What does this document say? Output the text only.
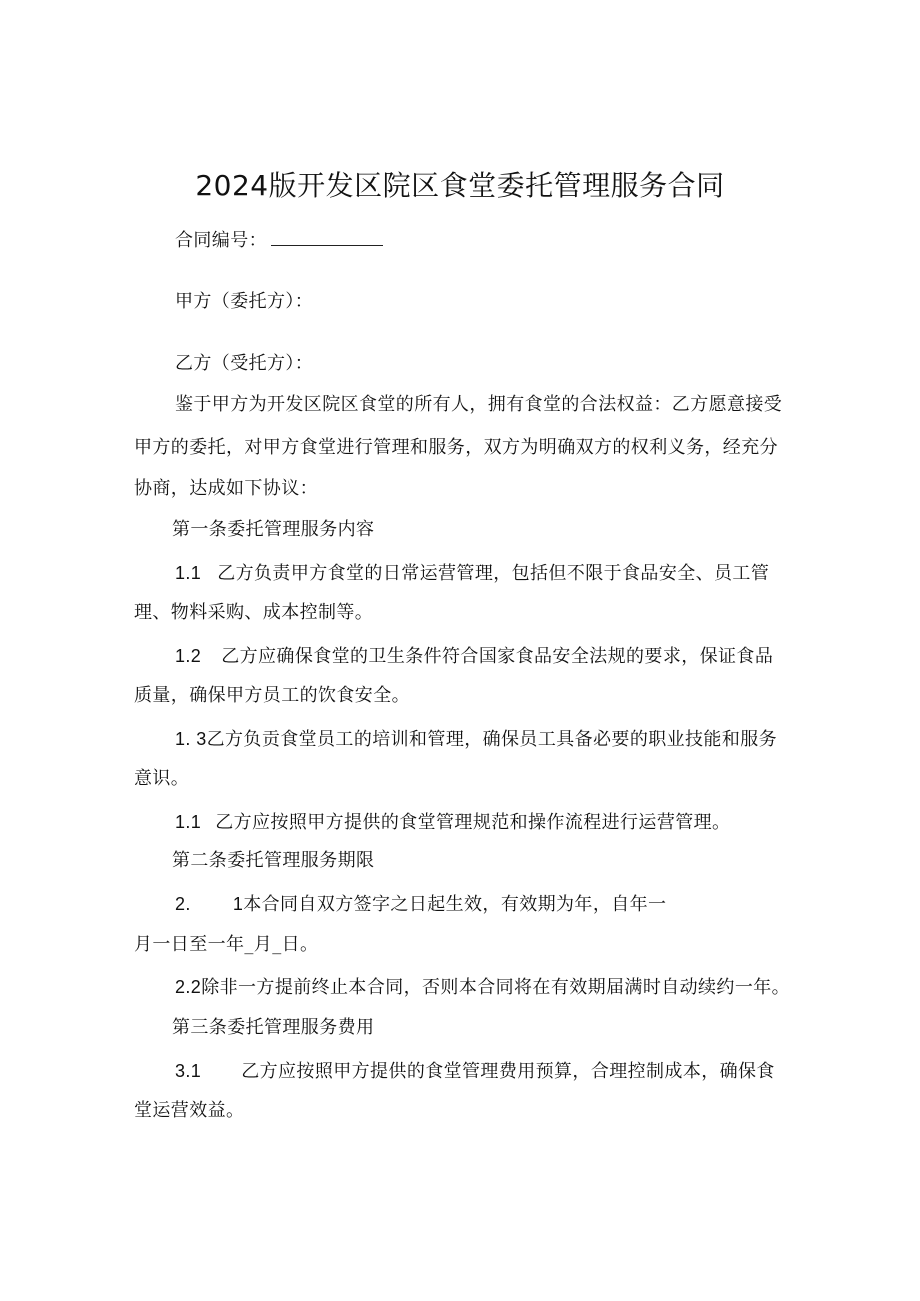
2024版开发区院区食堂委托管理服务合同
合同编号：
甲方（委托方）：
乙方（受托方）：
鉴于甲方为开发区院区食堂的所有人，拥有食堂的合法权益：乙方愿意接受
甲方的委托，对甲方食堂进行管理和服务，双方为明确双方的权利义务，经充分
协商，达成如下协议：
第一条委托管理服务内容
1.1 乙方负责甲方食堂的日常运营管理，包括但不限于食品安全、员工管
理、物料采购、成本控制等。
1.2 乙方应确保食堂的卫生条件符合国家食品安全法规的要求，保证食品
质量，确保甲方员工的饮食安全。
1. 3乙方负贡食堂员工的培训和管理，确保员工具备必要的职业技能和服务
意识。
1.1 乙方应按照甲方提供的食堂管理规范和操作流程进行运营管理。
第二条委托管理服务期限
2. 1本合同自双方签字之日起生效，有效期为年，自年一
月一日至一年_月_日。
2.2除非一方提前终止本合同，否则本合同将在有效期届满时自动续约一年。
第三条委托管理服务费用
3.1 乙方应按照甲方提供的食堂管理费用预算，合理控制成本，确保食
堂运营效益。
